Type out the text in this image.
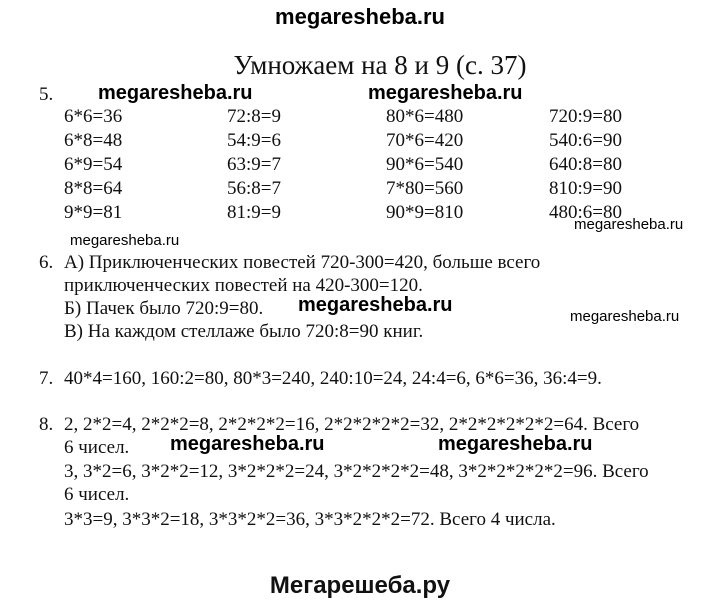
megaresheba.ru
Умножаем на 8 и 9 (с. 37)
5. megaresheba.ru	megaresheba.ru
6*6=36
6*8=48
6*9=54
8*8=64
9*9=81
72:8=9
54:9=6
63:9=7
56:8=7
81:9=9
80*6=480
70*6=420
90*6=540
7*80=560
90*9=810
720:9=80
540:6=90
640:8=80
810:9=90
480:6=80
megaresheba.ru
megaresheba.ru
6. А) Приключенческих повестей 720-300=420, больше всего
приключенческих повестей на 420-300=120.
Б) Пачек было 720:9=80. megaresheba.ru
megaresheba.ru
В) На каждом стеллаже было 720:8=90 книг.
7. 40*4=160, 160:2=80, 80*3=240, 240:10=24, 24:4=6, 6*6=36, 36:4=9.
8. 2, 2*2=4, 2*2*2=8, 2*2*2*2=16, 2*2*2*2*2=32, 2*2*2*2*2*2=64. Всего
6 чисел. megaresheba.ru	megaresheba.ru
3, 3*2=6, 3*2*2=12, 3*2*2*2=24, 3*2*2*2*2=48, 3*2*2*2*2*2=96. Всего
6 чисел.
3*3=9, 3*3*2=18, 3*3*2*2=36, 3*3*2*2*2=72. Всего 4 числа.
Мегарешеба.ру
